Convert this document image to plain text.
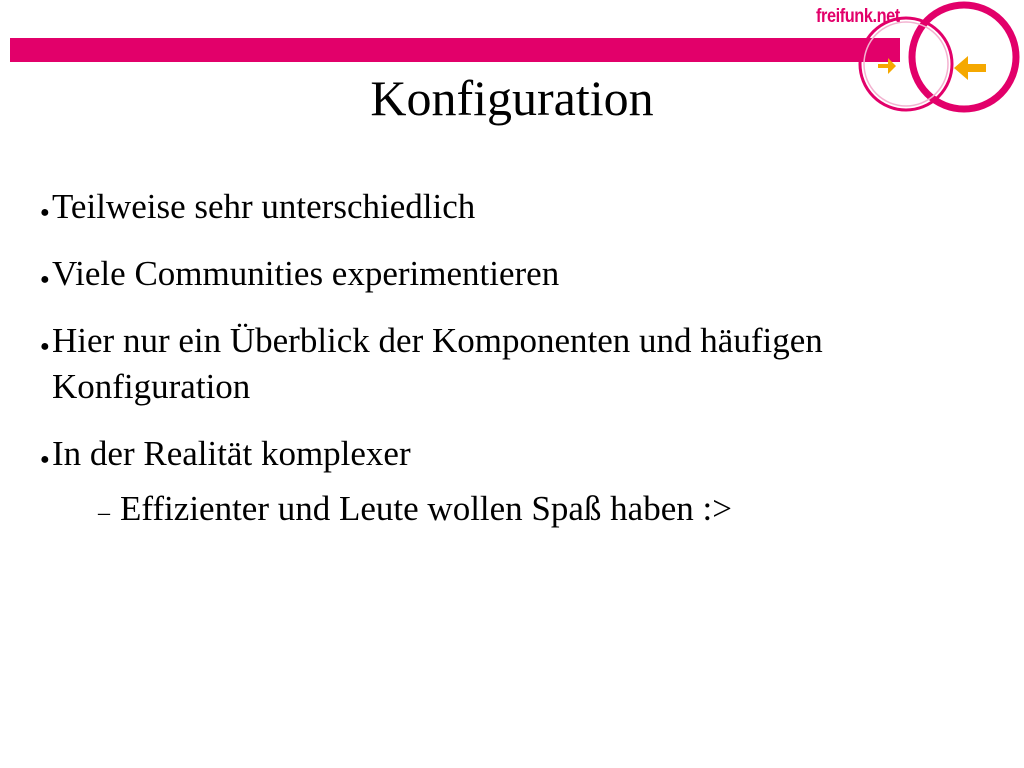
freifunk.net
Konfiguration
● Teilweise sehr unterschiedlich
● Viele Communities experimentieren
● Hier nur ein Überblick der Komponenten und häufigen Konfiguration
● In der Realität komplexer
– Effizienter und Leute wollen Spaß haben :>
